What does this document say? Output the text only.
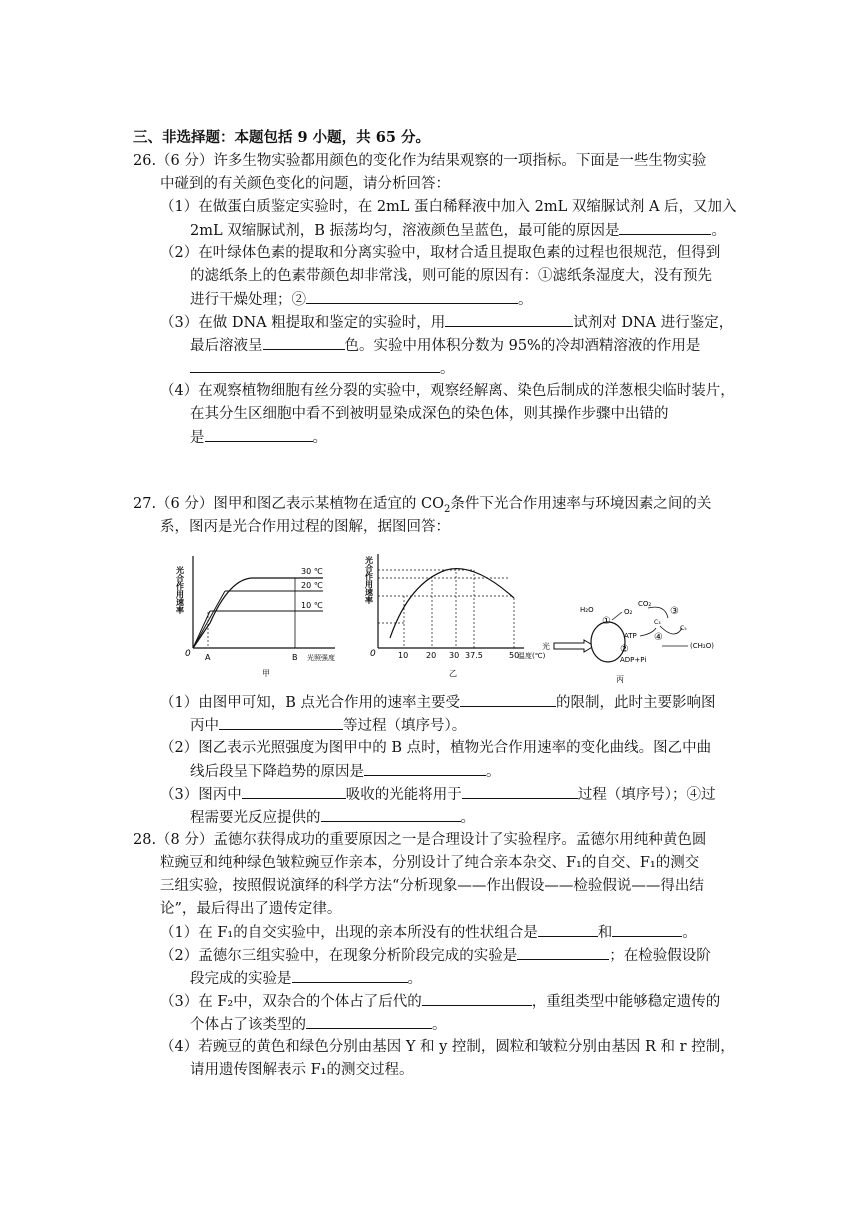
三、非选择题：本题包括 9 小题，共 65 分。
26.（6 分）许多生物实验都用颜色的变化作为结果观察的一项指标。下面是一些生物实验
中碰到的有关颜色变化的问题，请分析回答：
（1）在做蛋白质鉴定实验时，在 2mL 蛋白稀释液中加入 2mL 双缩脲试剂 A 后，又加入
2mL 双缩脲试剂，B 振荡均匀，溶液颜色呈蓝色，最可能的原因是	。
（2）在叶绿体色素的提取和分离实验中，取材合适且提取色素的过程也很规范，但得到
的滤纸条上的色素带颜色却非常浅，则可能的原因有：①滤纸条湿度大，没有预先
进行干燥处理；②	。
（3）在做 DNA 粗提取和鉴定的实验时，用	试剂对 DNA 进行鉴定，
最后溶液呈	色。实验中用体积分数为 95%的冷却酒精溶液的作用是
。
（4）在观察植物细胞有丝分裂的实验中，观察经解离、染色后制成的洋葱根尖临时装片，
在其分生区细胞中看不到被明显染成深色的染色体，则其操作步骤中出错的
是	。
27.（6 分）图甲和图乙表示某植物在适宜的 $CO_2$条件下光合作用速率与环境因素之间的关
系，图丙是光合作用过程的图解，据图回答：
光合作用速率	30 ℃
20 ℃
10 ℃
0 A	B 光照强度
甲
光合作用速率
0	10 20 30 37.5	50
温度(℃)
乙
光
H₂O
①
O₂
CO₂
③
C₃
C₅
ATP ④
②
ADP+Pi
(CH₂O)
丙
（1）由图甲可知，B 点光合作用的速率主要受	的限制，此时主要影响图
丙中	等过程（填序号）。
（2）图乙表示光照强度为图甲中的 B 点时，植物光合作用速率的变化曲线。图乙中曲
线后段呈下降趋势的原因是	。
（3）图丙中	吸收的光能将用于	过程（填序号）；④过
程需要光反应提供的	。
28.（8 分）孟德尔获得成功的重要原因之一是合理设计了实验程序。孟德尔用纯种黄色圆
粒豌豆和纯种绿色皱粒豌豆作亲本，分别设计了纯合亲本杂交、F₁的自交、F₁的测交
三组实验，按照假说演绎的科学方法“分析现象——作出假设——检验假说——得出结
论”，最后得出了遗传定律。
（1）在 F₁的自交实验中，出现的亲本所没有的性状组合是	和	。
（2）孟德尔三组实验中，在现象分析阶段完成的实验是	；在检验假设阶
段完成的实验是	。
（3）在 F₂中，双杂合的个体占了后代的	，重组类型中能够稳定遗传的
个体占了该类型的	。
（4）若豌豆的黄色和绿色分别由基因 Y 和 y 控制，圆粒和皱粒分别由基因 R 和 r 控制，
请用遗传图解表示 F₁的测交过程。
